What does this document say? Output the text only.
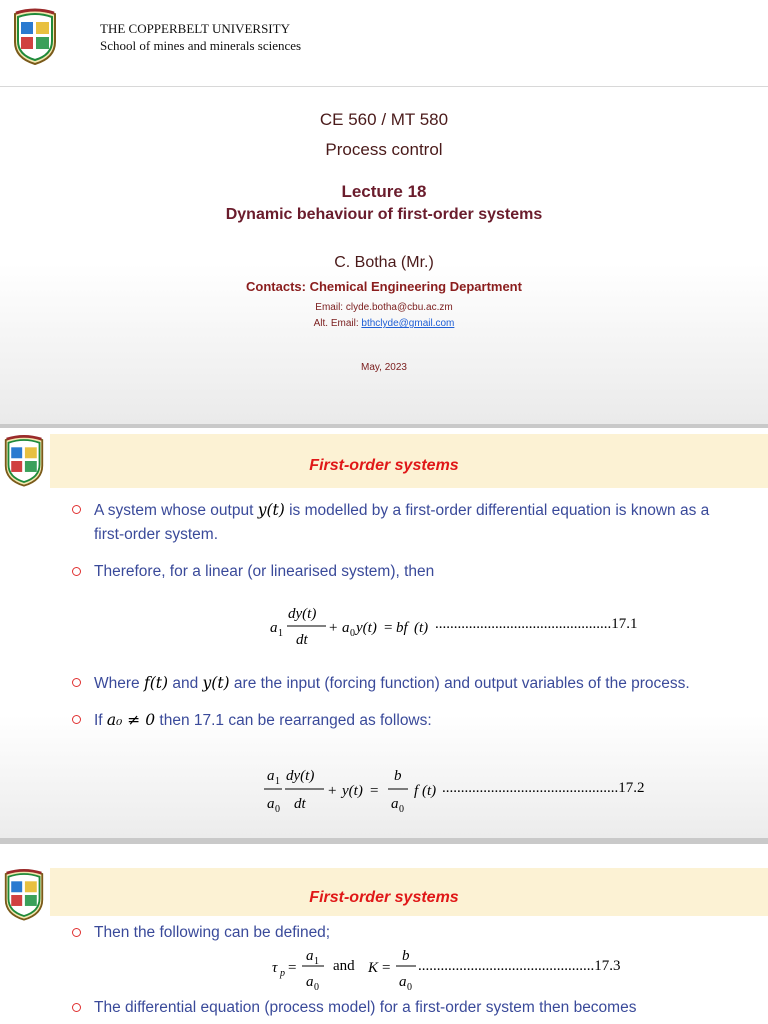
THE COPPERBELT UNIVERSITY
School of mines and minerals sciences
CE 560 / MT 580
Process control
Lecture 18
Dynamic behaviour of first-order systems
C. Botha (Mr.)
Contacts: Chemical Engineering Department
Email: clyde.botha@cbu.ac.zm
Alt. Email: bthclyde@gmail.com
May, 2023
First-order systems
A system whose output y(t) is modelled by a first-order differential equation is known as a first-order system.
Therefore, for a linear (or linearised system), then
a 1
dy(t)
dt
+ a 0 y(t) = bf (t) ...............................................17.1
Where f(t) and y(t) are the input (forcing function) and output variables of the process.
If a₀ ≠ 0 then 17.1 can be rearranged as follows:
a 1
a 0
dy(t)
dt
+ y(t) =
b
a 0
f (t) ...............................................17.2
First-order systems
Then the following can be defined;
τ p =
a 1
a 0
K =
b
a 0
and	...............................................17.3
The differential equation (process model) for a first-order system then becomes
